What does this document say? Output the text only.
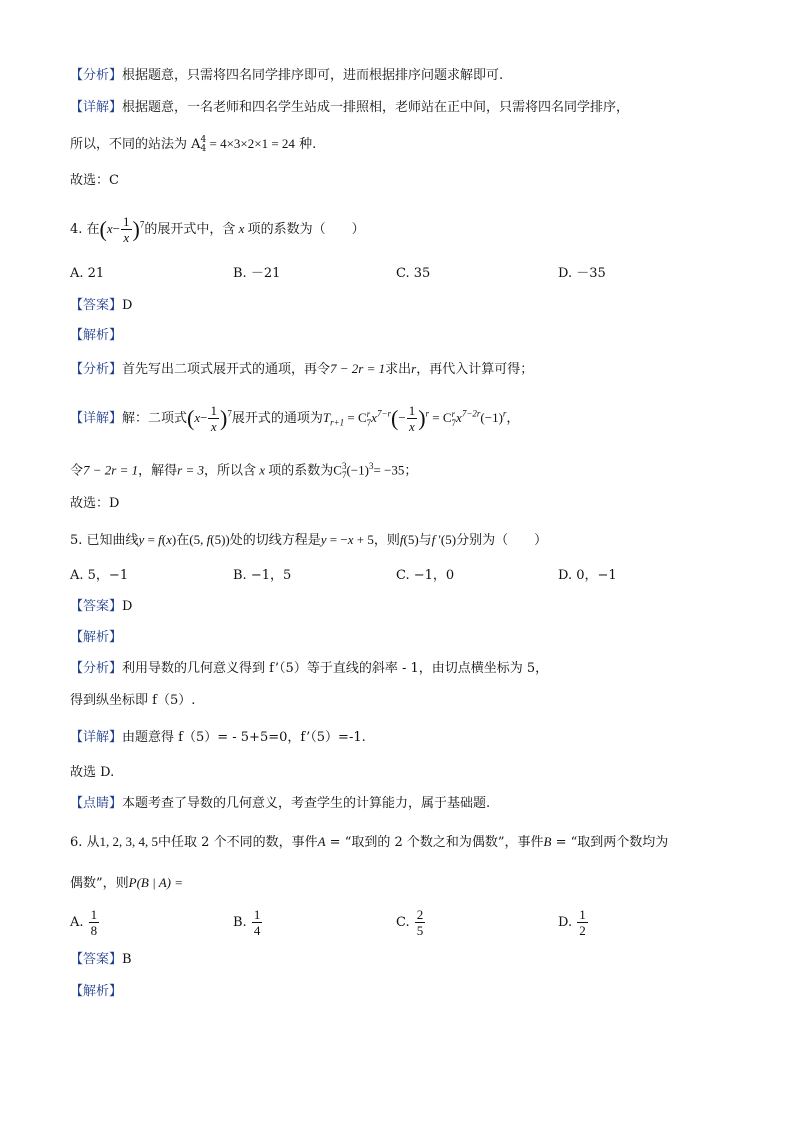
【分析】根据题意，只需将四名同学排序即可，进而根据排序问题求解即可.
【详解】根据题意，一名老师和四名学生站成一排照相，老师站在正中间，只需将四名同学排序，
所以，不同的站法为 A 4
4 = 4×3×2×1 = 24 种.
故选：C
4. 在$(x- \frac{1}{x} )^7$的展开式中，含 x 项的系数为（　　）
A. 21	B. －21	C. 35	D. －35
【答案】D
【解析】
【分析】首先写出二项式展开式的通项，再令7 − 2r = 1求出r，再代入计算可得；
【详解】解：二项式$(x- \frac{1}{x} )^7$展开式的通项为$T_{r+1} = C$ r
7 $x^{7-r}(- \frac{1}{x} )^r = C$ r
7 $x^{7-2r}(-1)^r$，
令7 − 2r = 1，解得r = 3，所以含 x 项的系数为C 3
7 $(-1)^3= -35$；
故选：D
5. 已知曲线y = f(x)在(5, f(5))处的切线方程是y = −x + 5，则f(5)与f '(5)分别为（　　）
A. 5，−1	B. −1，5	C. −1，0	D. 0，−1
【答案】D
【解析】
【分析】利用导数的几何意义得到 f’（5）等于直线的斜率 - 1，由切点横坐标为 5，
得到纵坐标即 f（5）.
【详解】由题意得 f（5）= - 5+5=0，f’（5）=-1.
故选 D.
【点睛】本题考查了导数的几何意义，考查学生的计算能力，属于基础题.
6. 从1, 2, 3, 4, 5中任取 2 个不同的数，事件A = “取到的 2 个数之和为偶数”，事件B = “取到两个数均为
偶数”，则P(B | A) =
A. $\frac{1}{8}$	B. $\frac{1}{4}$	C. $\frac{2}{5}$	D. $\frac{1}{2}$
【答案】B
【解析】
